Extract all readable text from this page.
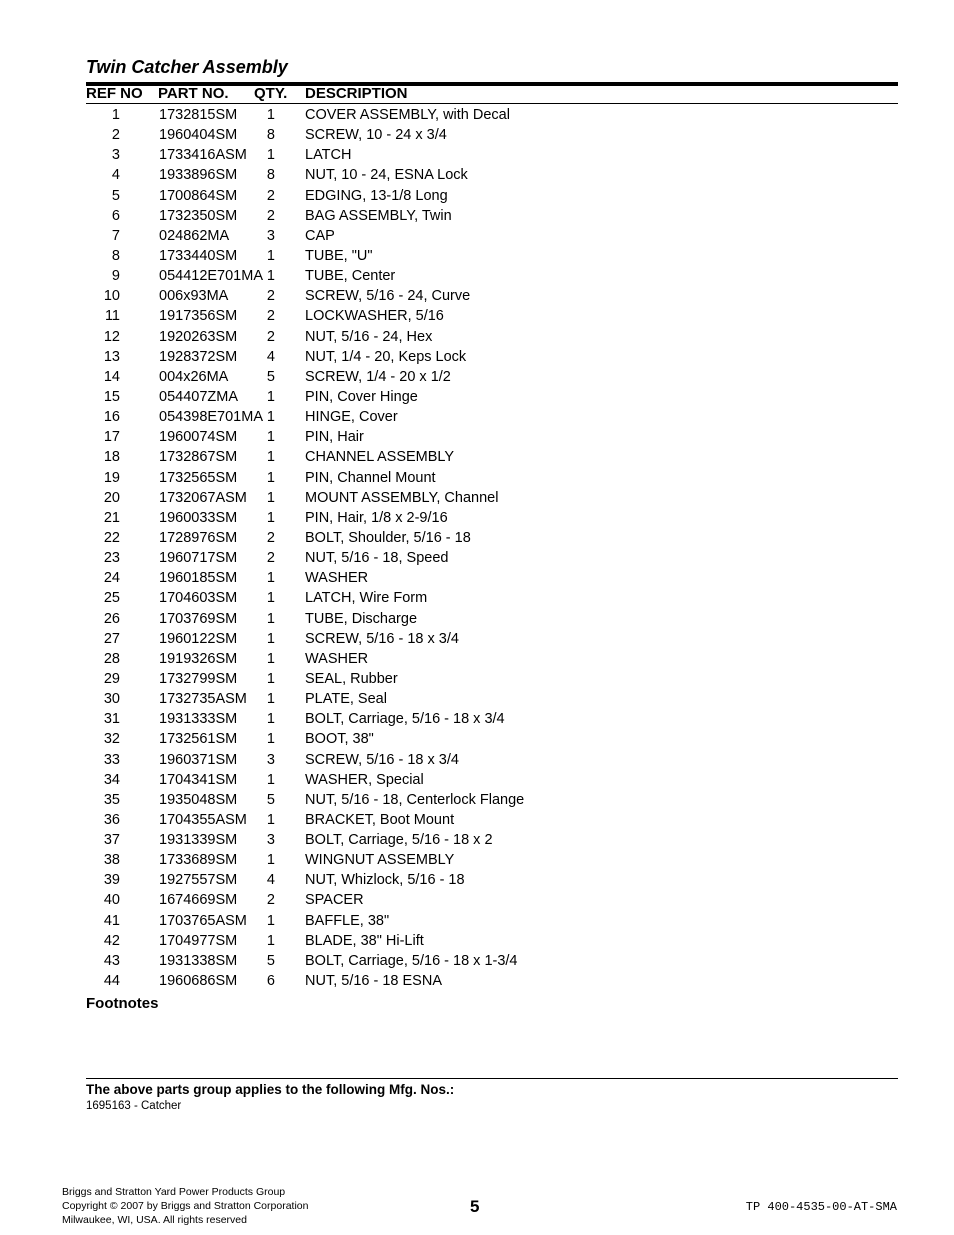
Twin Catcher Assembly
REF NO PART NO. QTY. DESCRIPTION
1	1732815SM 1 COVER ASSEMBLY, with Decal
2	1960404SM 8 SCREW, 10 - 24 x 3/4
3	1733416ASM 1 LATCH
4	1933896SM 8 NUT, 10 - 24, ESNA Lock
5	1700864SM 2 EDGING, 13-1/8 Long
6	1732350SM 2 BAG ASSEMBLY, Twin
7	024862MA	3 CAP
8	1733440SM 1 TUBE, "U"
9	054412E701MA 1 TUBE, Center
10	006x93MA	2 SCREW, 5/16 - 24, Curve
11	1917356SM 2 LOCKWASHER, 5/16
12	1920263SM 2 NUT, 5/16 - 24, Hex
13	1928372SM 4 NUT, 1/4 - 20, Keps Lock
14	004x26MA	5 SCREW, 1/4 - 20 x 1/2
15	054407ZMA 1 PIN, Cover Hinge
16	054398E701MA 1 HINGE, Cover
17	1960074SM 1 PIN, Hair
18	1732867SM 1 CHANNEL ASSEMBLY
19	1732565SM 1 PIN, Channel Mount
20	1732067ASM 1 MOUNT ASSEMBLY, Channel
21	1960033SM 1 PIN, Hair, 1/8 x 2-9/16
22	1728976SM 2 BOLT, Shoulder, 5/16 - 18
23	1960717SM 2 NUT, 5/16 - 18, Speed
24	1960185SM 1 WASHER
25	1704603SM 1 LATCH, Wire Form
26	1703769SM 1 TUBE, Discharge
27	1960122SM 1 SCREW, 5/16 - 18 x 3/4
28	1919326SM 1 WASHER
29	1732799SM 1 SEAL, Rubber
30	1732735ASM 1 PLATE, Seal
31	1931333SM 1 BOLT, Carriage, 5/16 - 18 x 3/4
32	1732561SM 1 BOOT, 38"
33	1960371SM 3 SCREW, 5/16 - 18 x 3/4
34	1704341SM 1 WASHER, Special
35	1935048SM 5 NUT, 5/16 - 18, Centerlock Flange
36	1704355ASM 1 BRACKET, Boot Mount
37	1931339SM 3 BOLT, Carriage, 5/16 - 18 x 2
38	1733689SM 1 WINGNUT ASSEMBLY
39	1927557SM 4 NUT, Whizlock, 5/16 - 18
40	1674669SM 2 SPACER
41	1703765ASM 1 BAFFLE, 38"
42	1704977SM 1 BLADE, 38" Hi-Lift
43	1931338SM 5 BOLT, Carriage, 5/16 - 18 x 1-3/4
44	1960686SM 6 NUT, 5/16 - 18 ESNA
Footnotes
The above parts group applies to the following Mfg. Nos.:
1695163 - Catcher
Briggs and Stratton Yard Power Products Group
Copyright © 2007 by Briggs and Stratton Corporation
Milwaukee, WI, USA. All rights reserved
5	TP 400-4535-00-AT-SMA
